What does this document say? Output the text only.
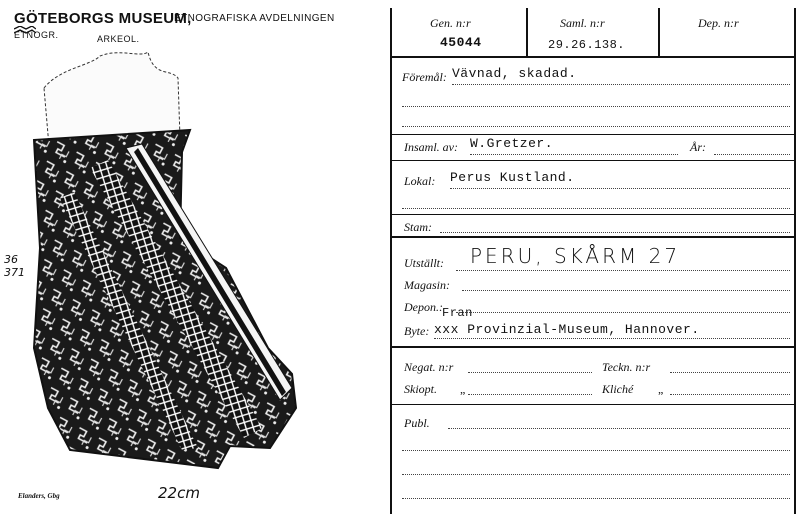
GÖTEBORGS MUSEUM,
ETNOGRAFISKA AVDELNINGEN
ETNOGR.	ARKEOL.
36
371
22cm
Elanders, Gbg
Gen. n:r
45044
Saml. n:r
29.26.138.
Dep. n:r
Föremål: Vävnad, skadad.
Insaml. av: W.Gretzer.	År:
Lokal: Perus Kustland.
Stam:
Utställt: PERU, SKÅRM 27
Magasin:
Depon.: Fran
Byte: xxx Provinzial-Museum, Hannover.
Negat. n:r	Teckn. n:r
Skiopt. „	Kliché „
Publ.
